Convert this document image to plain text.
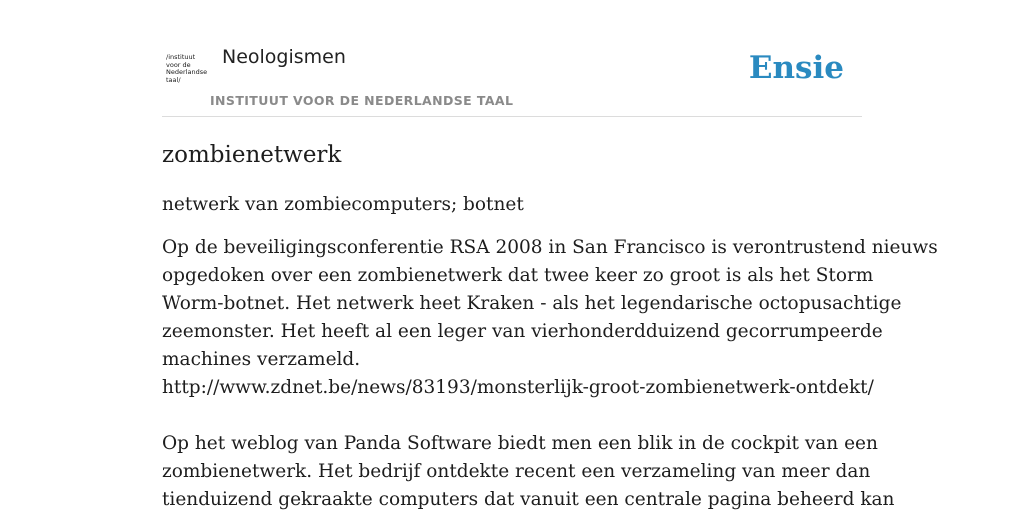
/instituut
voor de
Nederlandse
taal/
Neologismen
INSTITUUT VOOR DE NEDERLANDSE TAAL
Ensie
zombienetwerk

netwerk van zombiecomputers; botnet

Op de beveiligingsconferentie RSA 2008 in San Francisco is verontrustend nieuws
opgedoken over een zombienetwerk dat twee keer zo groot is als het Storm
Worm-botnet. Het netwerk heet Kraken - als het legendarische octopusachtige
zeemonster. Het heeft al een leger van vierhonderdduizend gecorrumpeerde
machines verzameld.
http://www.zdnet.be/news/83193/monsterlijk-groot-zombienetwerk-ontdekt/
Op het weblog van Panda Software biedt men een blik in de cockpit van een
zombienetwerk. Het bedrijf ontdekte recent een verzameling van meer dan
tienduizend gekraakte computers dat vanuit een centrale pagina beheerd kan
